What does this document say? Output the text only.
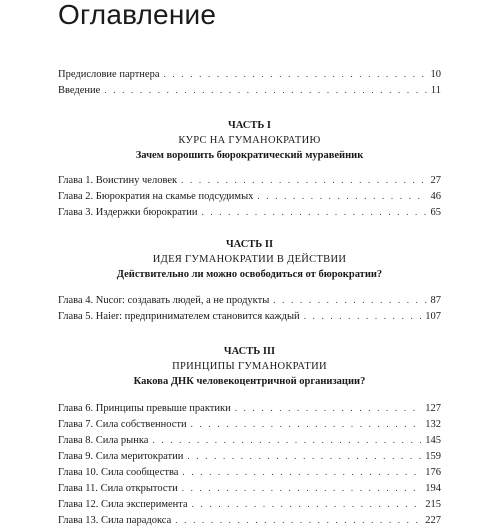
Оглавление
Предисловие партнера . . .	10
Введение . . .	11
ЧАСТЬ I
КУРС НА ГУМАНОКРАТИЮ
Зачем ворошить бюрократический муравейник
Глава 1. Воистину человек . . .	27
Глава 2. Бюрократия на скамье подсудимых . . .	46
Глава 3. Издержки бюрократии . . .	65
ЧАСТЬ II
ИДЕЯ ГУМАНОКРАТИИ В ДЕЙСТВИИ
Действительно ли можно освободиться от бюрократии?
Глава 4. Nucor: создавать людей, а не продукты . . .	87
Глава 5. Haier: предпринимателем становится каждый . . .	107
ЧАСТЬ III
ПРИНЦИПЫ ГУМАНОКРАТИИ
Какова ДНК человекоцентричной организации?
Глава 6. Принципы превыше практики . . .	127
Глава 7. Сила собственности . . .	132
Глава 8. Сила рынка . . .	145
Глава 9. Сила меритократии . . .	159
Глава 10. Сила сообщества . . .	176
Глава 11. Сила открытости . . .	194
Глава 12. Сила эксперимента . . .	215
Глава 13. Сила парадокса . . .	227
